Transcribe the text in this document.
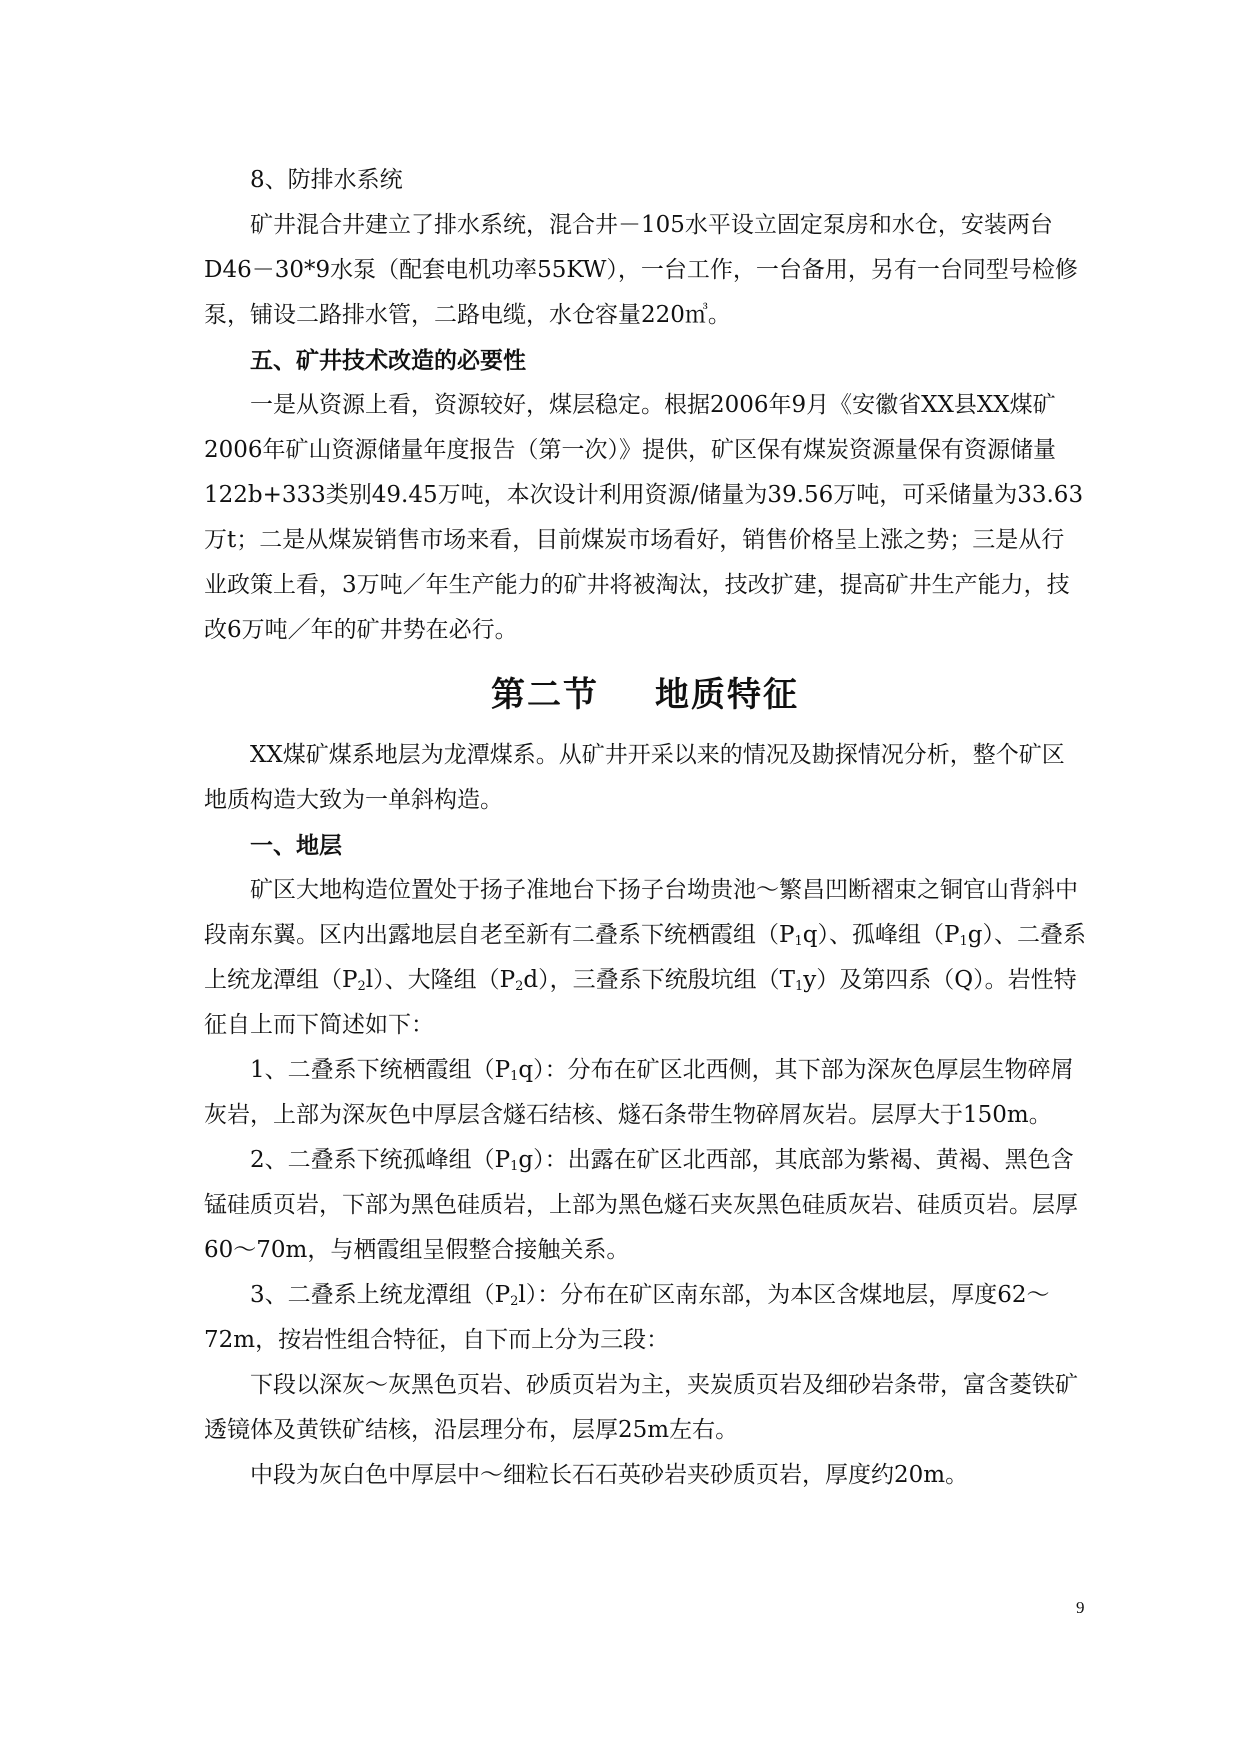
8、防排水系统

矿井混合井建立了排水系统，混合井－105水平设立固定泵房和水仓，安装两台D46－30*9水泵（配套电机功率55KW），一台工作，一台备用，另有一台同型号检修泵，铺设二路排水管，二路电缆，水仓容量220㎥。

五、矿井技术改造的必要性

一是从资源上看，资源较好，煤层稳定。根据2006年9月《安徽省XX县XX煤矿2006年矿山资源储量年度报告（第一次）》提供，矿区保有煤炭资源量保有资源储量122b+333类别49.45万吨，本次设计利用资源/储量为39.56万吨，可采储量为33.63万t；二是从煤炭销售市场来看，目前煤炭市场看好，销售价格呈上涨之势；三是从行业政策上看，3万吨／年生产能力的矿井将被淘汰，技改扩建，提高矿井生产能力，技改6万吨／年的矿井势在必行。

第二节 地质特征

XX煤矿煤系地层为龙潭煤系。从矿井开采以来的情况及勘探情况分析，整个矿区地质构造大致为一单斜构造。

一、地层

矿区大地构造位置处于扬子准地台下扬子台坳贵池～繁昌凹断褶束之铜官山背斜中段南东翼。区内出露地层自老至新有二叠系下统栖霞组$(P_1q)$、孤峰组$(P_1g)$、二叠系上统龙潭组$(P_2l)$、大隆组$(P_2d)$，三叠系下统殷坑组$(T_1y)$及第四系（Q）。岩性特征自上而下简述如下：

1、二叠系下统栖霞组$(P_1q)$：分布在矿区北西侧，其下部为深灰色厚层生物碎屑灰岩，上部为深灰色中厚层含燧石结核、燧石条带生物碎屑灰岩。层厚大于150m。

2、二叠系下统孤峰组$(P_1g)$：出露在矿区北西部，其底部为紫褐、黄褐、黑色含锰硅质页岩，下部为黑色硅质岩，上部为黑色燧石夹灰黑色硅质灰岩、硅质页岩。层厚60～70m，与栖霞组呈假整合接触关系。

3、二叠系上统龙潭组$(P_2l)$：分布在矿区南东部，为本区含煤地层，厚度62～72m，按岩性组合特征，自下而上分为三段：

下段以深灰～灰黑色页岩、砂质页岩为主，夹炭质页岩及细砂岩条带，富含菱铁矿透镜体及黄铁矿结核，沿层理分布，层厚25m左右。

中段为灰白色中厚层中～细粒长石石英砂岩夹砂质页岩，厚度约20m。

9
